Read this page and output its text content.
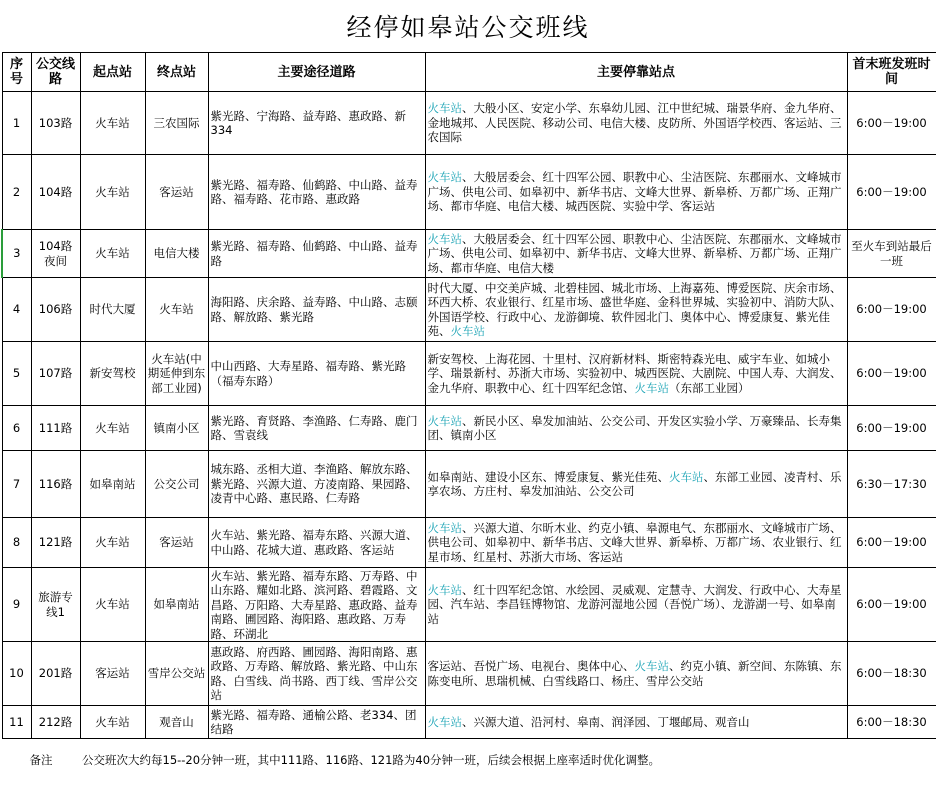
经停如皋站公交班线
序号	公交线路	起点站	终点站	主要途径道路	主要停靠站点	首末班发班时间
1	103路	火车站	三农国际	紫光路、宁海路、益寿路、惠政路、新334	火车站、大般小区、安定小学、东皋幼儿园、江中世纪城、瑞景华府、金九华府、金地城邦、人民医院、移动公司、电信大楼、皮防所、外国语学校西、客运站、三农国际	6:00－19:00
2	104路	火车站	客运站	紫光路、福寿路、仙鹤路、中山路、益寿路、福寿路、花市路、惠政路	火车站、大般居委会、红十四军公园、职教中心、尘洁医院、东郡丽水、文峰城市广场、供电公司、如皋初中、新华书店、文峰大世界、新皋桥、万都广场、正翔广场、都市华庭、电信大楼、城西医院、实验中学、客运站	6:00－19:00
3	104路夜间	火车站	电信大楼	紫光路、福寿路、仙鹤路、中山路、益寿路	火车站、大般居委会、红十四军公园、职教中心、尘洁医院、东郡丽水、文峰城市广场、供电公司、如皋初中、新华书店、文峰大世界、新皋桥、万都广场、正翔广场、都市华庭、电信大楼	至火车到站最后一班
4	106路	时代大厦	火车站	海阳路、庆余路、益寿路、中山路、志颐路、解放路、紫光路	时代大厦、中交美庐城、北碧桂园、城北市场、上海嘉苑、博爱医院、庆余市场、环西大桥、农业银行、红星市场、盛世华庭、金科世界城、实验初中、消防大队、外国语学校、行政中心、龙游御境、软件园北门、奥体中心、博爱康复、紫光佳苑、火车站	6:00－19:00
5	107路	新安驾校	火车站(中期延伸到东部工业园)	中山西路、大寿星路、福寿路、紫光路（福寿东路）	新安驾校、上海花园、十里村、汉府新材料、斯密特森光电、威宇车业、如城小学、瑞景新村、苏浙大市场、实验初中、城西医院、大剧院、中国人寿、大润发、金九华府、职教中心、红十四军纪念馆、火车站（东部工业园）	6:00－19:00
6	111路	火车站	镇南小区	紫光路、育贤路、李渔路、仁寿路、鹿门路、雪袁线	火车站、新民小区、皋发加油站、公交公司、开发区实验小学、万豪臻品、长寿集团、镇南小区	6:00－19:00
7	116路	如皋南站	公交公司	城东路、丞相大道、李渔路、解放东路、紫光路、兴源大道、方凌南路、果园路、凌青中心路、惠民路、仁寿路	如皋南站、建设小区东、博爱康复、紫光佳苑、火车站、东部工业园、凌青村、乐享农场、方庄村、皋发加油站、公交公司	6:30－17:30
8	121路	火车站	客运站	火车站、紫光路、福寿东路、兴源大道、中山路、花城大道、惠政路、客运站	火车站、兴源大道、尔昕木业、约克小镇、皋源电气、东郡丽水、文峰城市广场、供电公司、如皋初中、新华书店、文峰大世界、新皋桥、万都广场、农业银行、红星市场、红星村、苏浙大市场、客运站	6:00－19:00
9	旅游专线1	火车站	如皋南站	火车站、紫光路、福寿东路、万寿路、中山东路、耀如北路、滨河路、碧霞路、文昌路、万阳路、大寿星路、惠政路、益寿南路、圃园路、海阳路、惠政路、万寿路、环湖北	火车站、红十四军纪念馆、水绘园、灵威观、定慧寺、大润发、行政中心、大寿星园、汽车站、李昌钰博物馆、龙游河湿地公园（吾悦广场）、龙游湖一号、如皋南站	6:00－19:00
10	201路	客运站	雪岸公交站	惠政路、府西路、圃园路、海阳南路、惠政路、万寿路、解放路、紫光路、中山东路、白雪线、尚书路、西丁线、雪岸公交站	客运站、吾悦广场、电视台、奥体中心、火车站、约克小镇、新空间、东陈镇、东陈变电所、思瑞机械、白雪线路口、杨庄、雪岸公交站	6:00－18:30
11	212路	火车站	观音山	紫光路、福寿路、通榆公路、老334、团结路	火车站、兴源大道、沿河村、皋南、润泽园、丁堰邮局、观音山	6:00－18:30
备注		公交班次大约每15--20分钟一班，其中111路、116路、121路为40分钟一班，后续会根据上座率适时优化调整。				
